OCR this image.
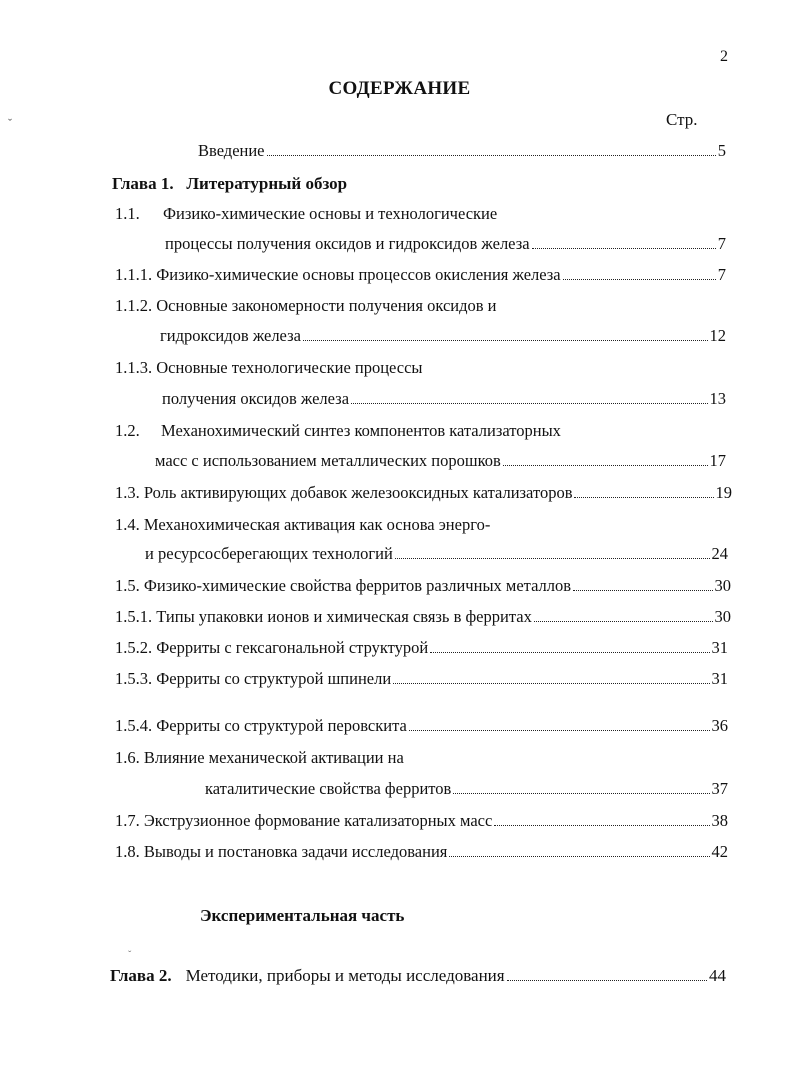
2
ˇ
СОДЕРЖАНИЕ
Стр.
Введение	5
Глава 1. Литературный обзор
1.1. Физико-химические основы и технологические
процессы получения оксидов и гидроксидов железа	7
1.1.1. Физико-химические основы процессов окисления железа	7
1.1.2. Основные закономерности получения оксидов и
гидроксидов железа	12
1.1.3. Основные технологические процессы
получения оксидов железа	13
1.2. Механохимический синтез компонентов катализаторных
масс с использованием металлических порошков	17
1.3. Роль активирующих добавок железооксидных катализаторов	19
1.4. Механохимическая активация как основа энерго-
и ресурсосберегающих технологий	24
1.5. Физико-химические свойства ферритов различных металлов	30
1.5.1. Типы упаковки ионов и химическая связь в ферритах	30
1.5.2. Ферриты с гексагональной структурой	31
1.5.3. Ферриты со структурой шпинели	31
1.5.4. Ферриты со структурой перовскита	36
1.6. Влияние механической активации на
каталитические свойства ферритов	37
1.7. Экструзионное формование катализаторных масс	38
1.8. Выводы и постановка задачи исследования	42
Экспериментальная часть
ˇ
Глава 2. Методики, приборы и методы исследования	44
